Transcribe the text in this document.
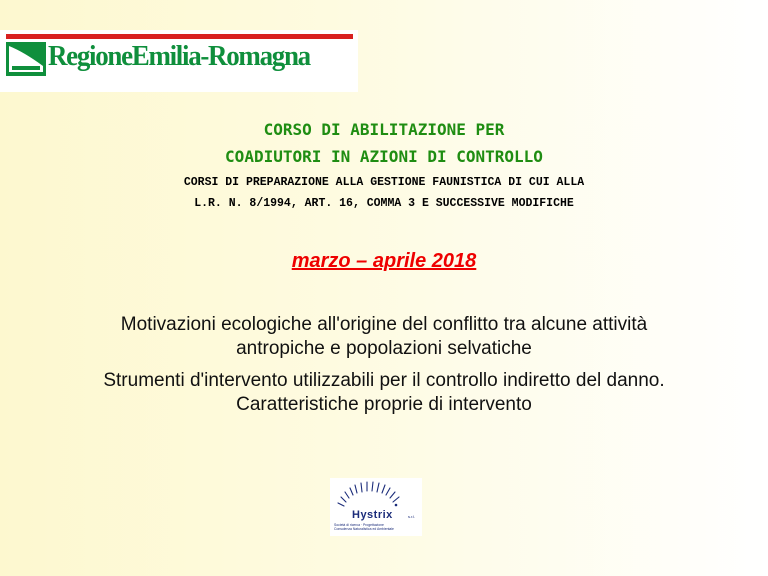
RegioneEmilia-Romagna
CORSO DI ABILITAZIONE PER
COADIUTORI IN AZIONI DI CONTROLLO
CORSI DI PREPARAZIONE ALLA GESTIONE FAUNISTICA DI CUI ALLA
L.R. N. 8/1994, ART. 16, COMMA 3 E SUCCESSIVE MODIFICHE
marzo – aprile 2018
Motivazioni ecologiche all'origine del conflitto tra alcune attività
antropiche e popolazioni selvatiche
Strumenti d'intervento utilizzabili per il controllo indiretto del danno.
Caratteristiche proprie di intervento
Hystrix	s.r.l.
Società di ricerca · Progettazione
Consulenza Naturalistica ed Ambientale
